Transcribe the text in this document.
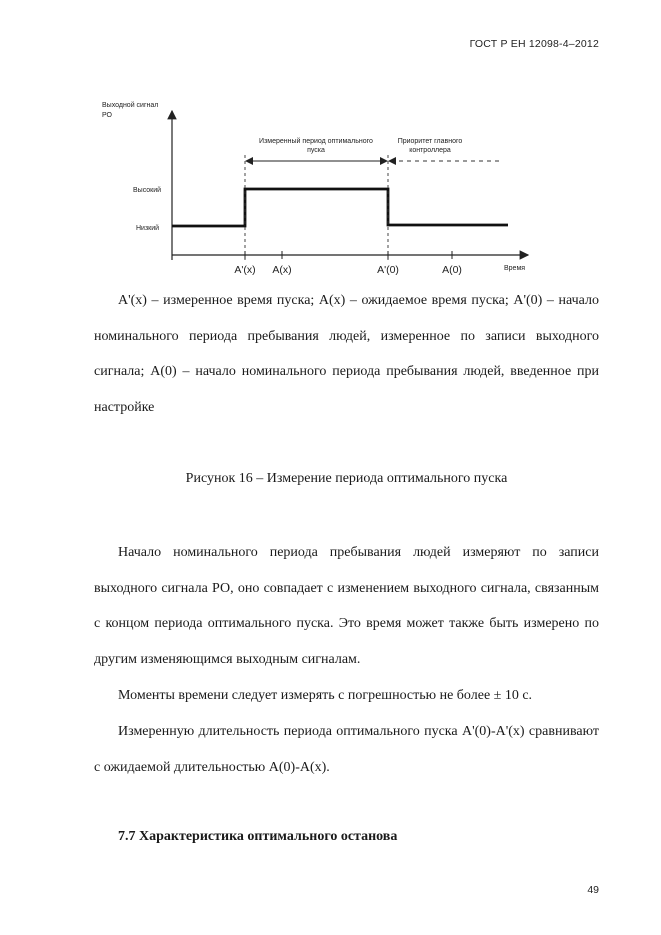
ГОСТ Р ЕН 12098-4–2012
Выходной сигнал
РО
Высокий
Низкий
Время
Измеренный период оптимального
пуска
Приоритет главного
контроллера
A'(x) A(x)	A'(0)	A(0)
A'(x) – измеренное время пуска; A(x) – ожидаемое время пуска; A'(0) – начало номинального периода пребывания людей, измеренное по записи выходного сигнала; A(0) – начало номинального периода пребывания людей, введенное при настройке
Рисунок 16 – Измерение периода оптимального пуска
Начало номинального периода пребывания людей измеряют по записи выходного сигнала РО, оно совпадает с изменением выходного сигнала, связанным с концом периода оптимального пуска. Это время может также быть измерено по другим изменяющимся выходным сигналам.
Моменты времени следует измерять с погрешностью не более ± 10 с.
Измеренную длительность периода оптимального пуска A'(0)-A'(x) сравнивают с ожидаемой длительностью A(0)-A(x).
7.7 Характеристика оптимального останова
49
